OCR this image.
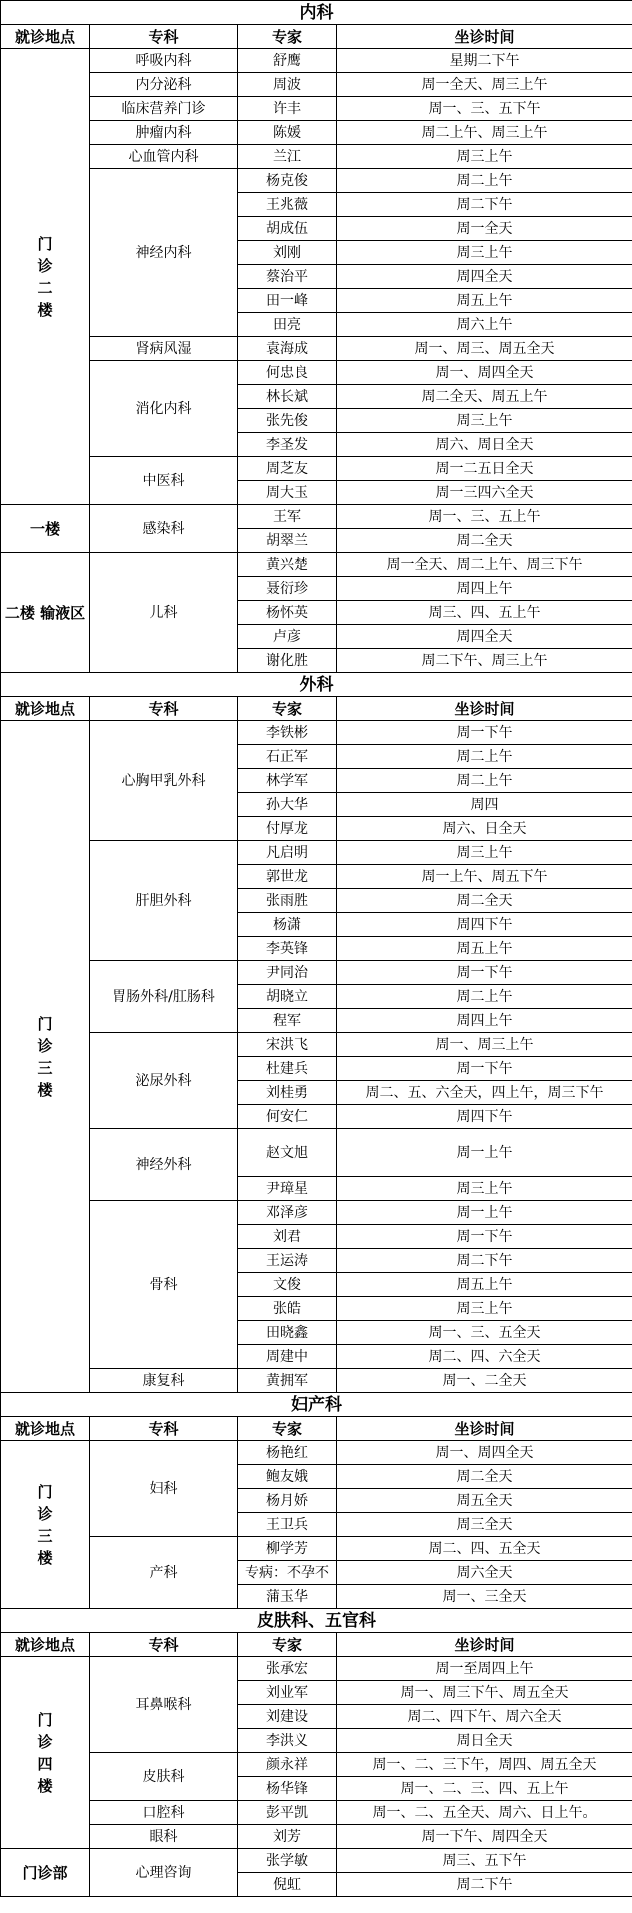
内科			
就诊地点	专科	专家	坐诊时间
门诊二楼	呼吸内科	舒鹰	星期二下午
	内分泌科	周波	周一全天、周三上午
	临床营养门诊	许丰	周一、三、五下午
	肿瘤内科	陈媛	周二上午、周三上午
	心血管内科	兰江	周三上午
	神经内科	杨克俊	周二上午
		王兆薇	周二下午
		胡成伍	周一全天
		刘刚	周三上午
		蔡治平	周四全天
		田一峰	周五上午
		田亮	周六上午
	肾病风湿	袁海成	周一、周三、周五全天
	消化内科	何忠良	周一、周四全天
		林长斌	周二全天、周五上午
		张先俊	周三上午
		李圣发	周六、周日全天
	中医科	周芝友	周一二五日全天
		周大玉	周一三四六全天
一楼	感染科	王军	周一、三、五上午
		胡翠兰	周二全天
二楼 输液区	儿科	黄兴楚	周一全天、周二上午、周三下午
		聂衍珍	周四上午
		杨怀英	周三、四、五上午
		卢彦	周四全天
		谢化胜	周二下午、周三上午
外科			
就诊地点	专科	专家	坐诊时间
门诊三楼	心胸甲乳外科	李铁彬	周一下午
		石正军	周二上午
		林学军	周二上午
		孙大华	周四
		付厚龙	周六、日全天
	肝胆外科	凡启明	周三上午
		郭世龙	周一上午、周五下午
		张雨胜	周二全天
		杨潇	周四下午
		李英锋	周五上午
	胃肠外科/肛肠科	尹同治	周一下午
		胡晓立	周二上午
		程军	周四上午
	泌尿外科	宋洪飞	周一、周三上午
		杜建兵	周一下午
		刘桂勇	周二、五、六全天，四上午，周三下午
		何安仁	周四下午
	神经外科	赵文旭	周一上午
		尹璋星	周三上午
	骨科	邓泽彦	周一上午
		刘君	周一下午
		王运涛	周二下午
		文俊	周五上午
		张皓	周三上午
		田晓鑫	周一、三、五全天
		周建中	周二、四、六全天
	康复科	黄拥军	周一、二全天
妇产科			
就诊地点	专科	专家	坐诊时间
门诊三楼	妇科	杨艳红	周一、周四全天
		鲍友娥	周二全天
		杨月娇	周五全天
		王卫兵	周三全天
	产科	柳学芳	周二、四、五全天
		专病：不孕不	周六全天
		蒲玉华	周一、三全天
皮肤科、五官科			
就诊地点	专科	专家	坐诊时间
门诊四楼	耳鼻喉科	张承宏	周一至周四上午
		刘业军	周一、周三下午、周五全天
		刘建设	周二、四下午、周六全天
		李洪义	周日全天
	皮肤科	颜永祥	周一、二、三下午，周四、周五全天
		杨华锋	周一、二、三、四、五上午
	口腔科	彭平凯	周一、二、五全天、周六、日上午。
	眼科	刘芳	周一下午、周四全天
门诊部	心理咨询	张学敏	周三、五下午
		倪虹	周二下午
